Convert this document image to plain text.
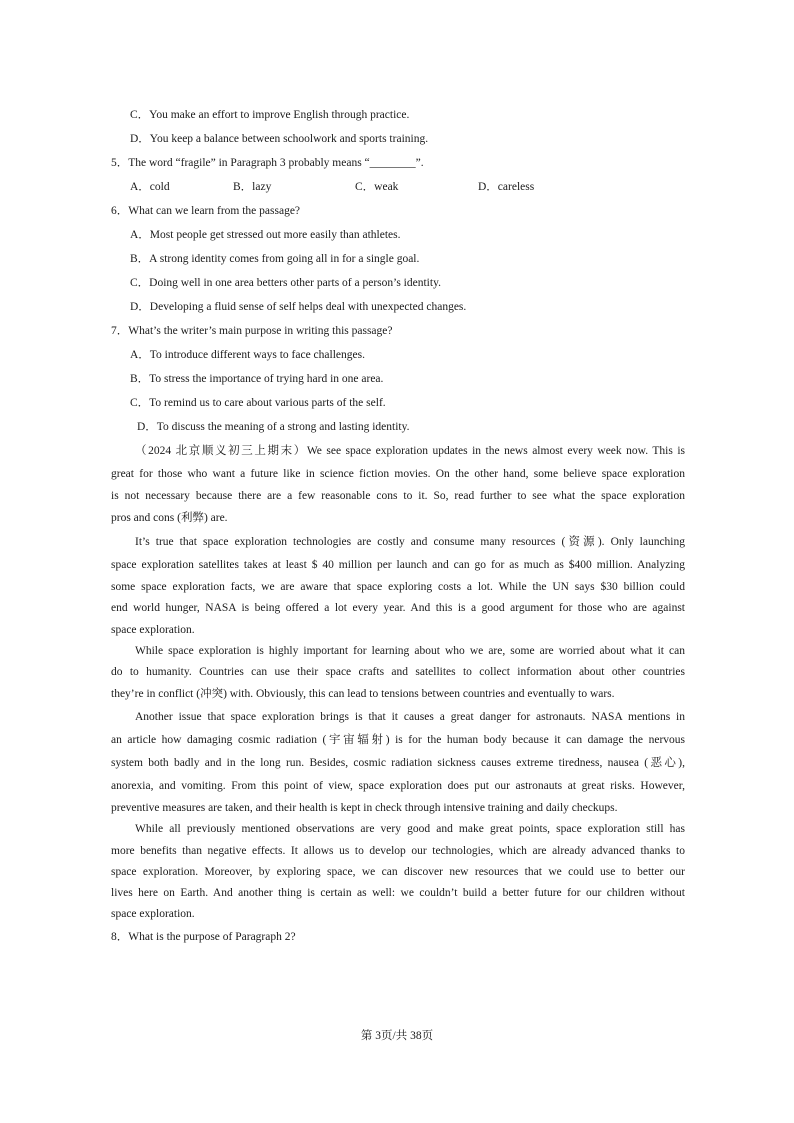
C．You make an effort to improve English through practice.
D．You keep a balance between schoolwork and sports training.
5．The word “fragile” in Paragraph 3 probably means “________”.
A．cold	B．lazy	C．weak	D．careless
6．What can we learn from the passage?
A．Most people get stressed out more easily than athletes.
B．A strong identity comes from going all in for a single goal.
C．Doing well in one area betters other parts of a person’s identity.
D．Developing a fluid sense of self helps deal with unexpected changes.
7．What’s the writer’s main purpose in writing this passage?
A．To introduce different ways to face challenges.
B．To stress the importance of trying hard in one area.
C．To remind us to care about various parts of the self.
D．To discuss the meaning of a strong and lasting identity.
（2024 北京顺义初三上期末）We see space exploration updates in the news almost every week now. This is
great for those who want a future like in science fiction movies. On the other hand, some believe space exploration
is not necessary because there are a few reasonable cons to it. So, read further to see what the space exploration
pros and cons (利弊) are.
It’s true that space exploration technologies are costly and consume many resources (资源). Only launching
space exploration satellites takes at least $ 40 million per launch and can go for as much as $400 million. Analyzing
some space exploration facts, we are aware that space exploring costs a lot. While the UN says $30 billion could
end world hunger, NASA is being offered a lot every year. And this is a good argument for those who are against
space exploration.
While space exploration is highly important for learning about who we are, some are worried about what it can
do to humanity. Countries can use their space crafts and satellites to collect information about other countries
they’re in conflict (冲突) with. Obviously, this can lead to tensions between countries and eventually to wars.
Another issue that space exploration brings is that it causes a great danger for astronauts. NASA mentions in
an article how damaging cosmic radiation (宇宙辐射) is for the human body because it can damage the nervous
system both badly and in the long run. Besides, cosmic radiation sickness causes extreme tiredness, nausea (恶心),
anorexia, and vomiting. From this point of view, space exploration does put our astronauts at great risks. However,
preventive measures are taken, and their health is kept in check through intensive training and daily checkups.
While all previously mentioned observations are very good and make great points, space exploration still has
more benefits than negative effects. It allows us to develop our technologies, which are already advanced thanks to
space exploration. Moreover, by exploring space, we can discover new resources that we could use to better our
lives here on Earth. And another thing is certain as well: we couldn’t build a better future for our children without
space exploration.
8．What is the purpose of Paragraph 2?
第 3页/共 38页
